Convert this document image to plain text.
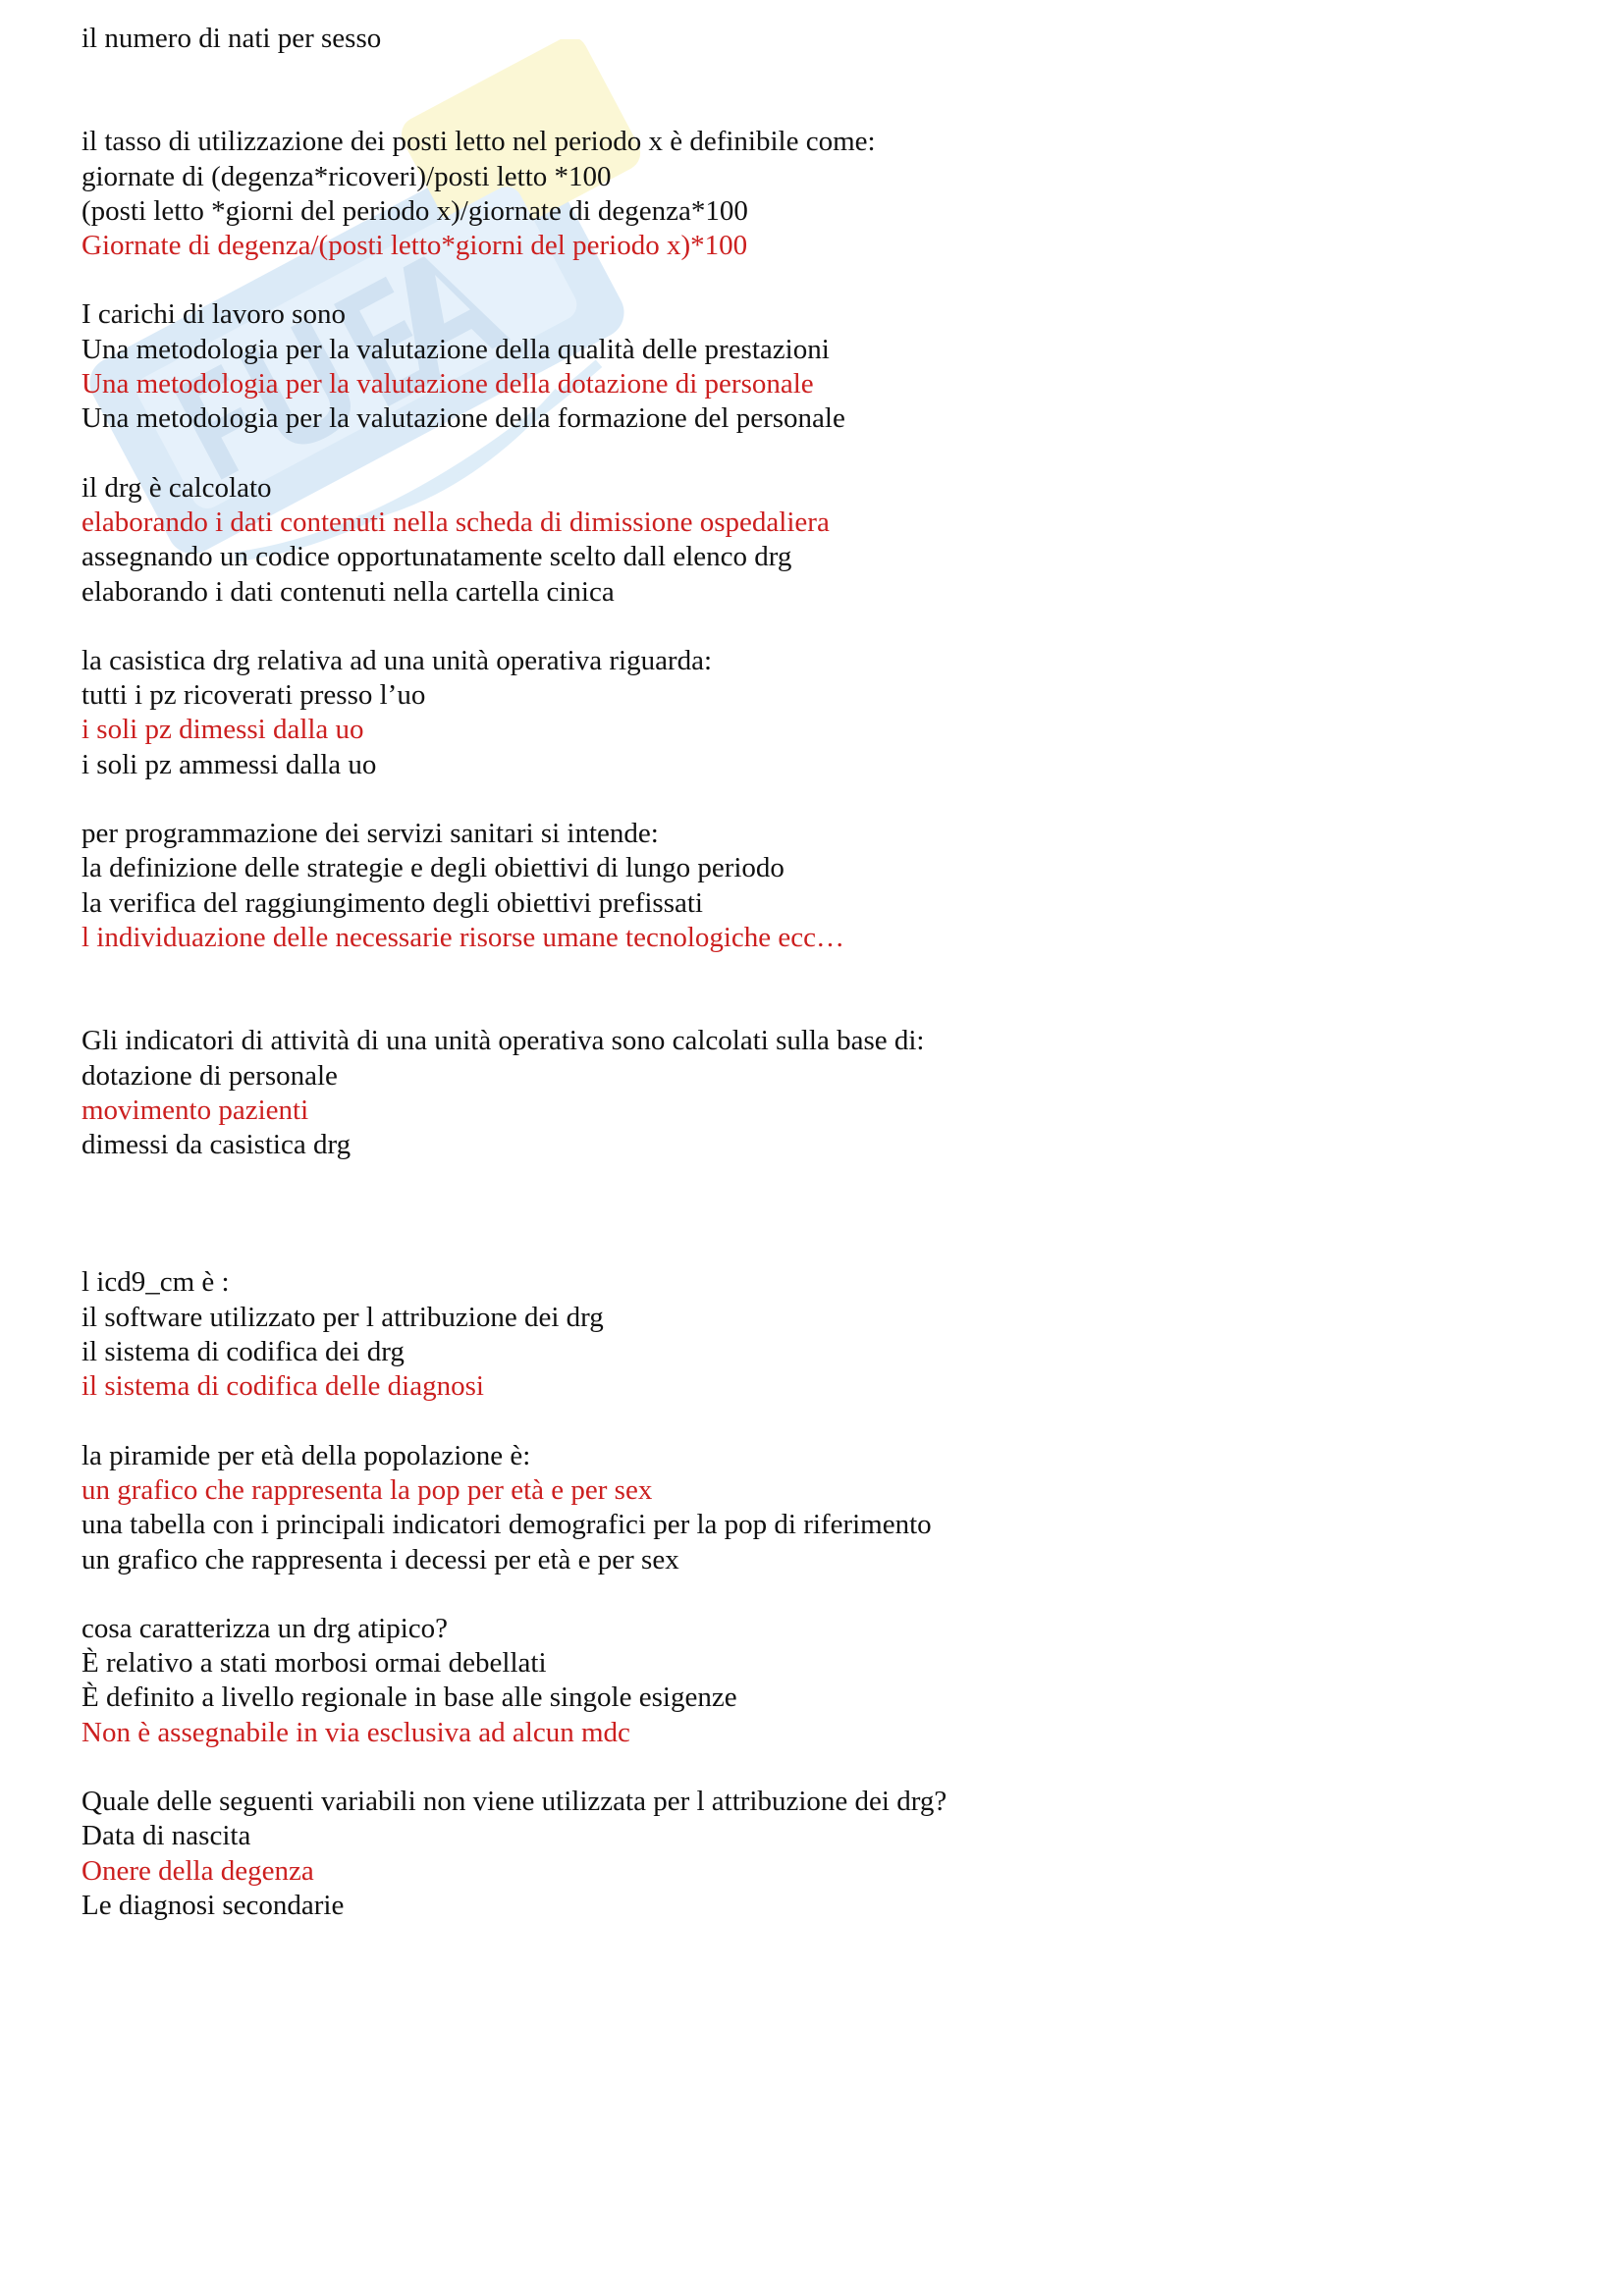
il numero di nati per sesso
il tasso di utilizzazione dei posti letto nel periodo x è definibile come:
giornate di (degenza*ricoveri)/posti letto *100
(posti letto *giorni del periodo x)/giornate di degenza*100
Giornate di degenza/(posti letto*giorni del periodo x)*100
I carichi di lavoro sono
Una metodologia per la valutazione della qualità delle prestazioni
Una metodologia per la valutazione della dotazione di personale
Una metodologia per la valutazione della formazione del personale
il drg è calcolato
elaborando i dati contenuti nella scheda di dimissione ospedaliera
assegnando un codice opportunatamente scelto dall elenco drg
elaborando i dati contenuti nella cartella cinica
la casistica drg relativa ad una unità operativa riguarda:
tutti i pz ricoverati presso l’uo
i soli pz dimessi dalla uo
i soli pz ammessi dalla uo
per programmazione dei servizi sanitari si intende:
la definizione delle strategie e degli obiettivi di lungo periodo
la verifica del raggiungimento degli obiettivi prefissati
l individuazione delle necessarie risorse umane tecnologiche ecc…
Gli indicatori di attività di una unità operativa sono calcolati sulla base di:
dotazione di personale
movimento pazienti
dimessi da casistica drg
l icd9_cm è :
il software utilizzato per l attribuzione dei drg
il sistema di codifica dei drg
il sistema di codifica delle diagnosi
la piramide per età della popolazione è:
un grafico che rappresenta la pop per età e per sex
una tabella con i principali indicatori demografici per la pop di riferimento
un grafico che rappresenta i decessi per età e per sex
cosa caratterizza un drg atipico?
È relativo a stati morbosi ormai debellati
È definito a livello regionale in base alle singole esigenze
Non è assegnabile in via esclusiva ad alcun mdc
Quale delle seguenti variabili non viene utilizzata per l attribuzione dei drg?
Data di nascita
Onere della degenza
Le diagnosi secondarie
